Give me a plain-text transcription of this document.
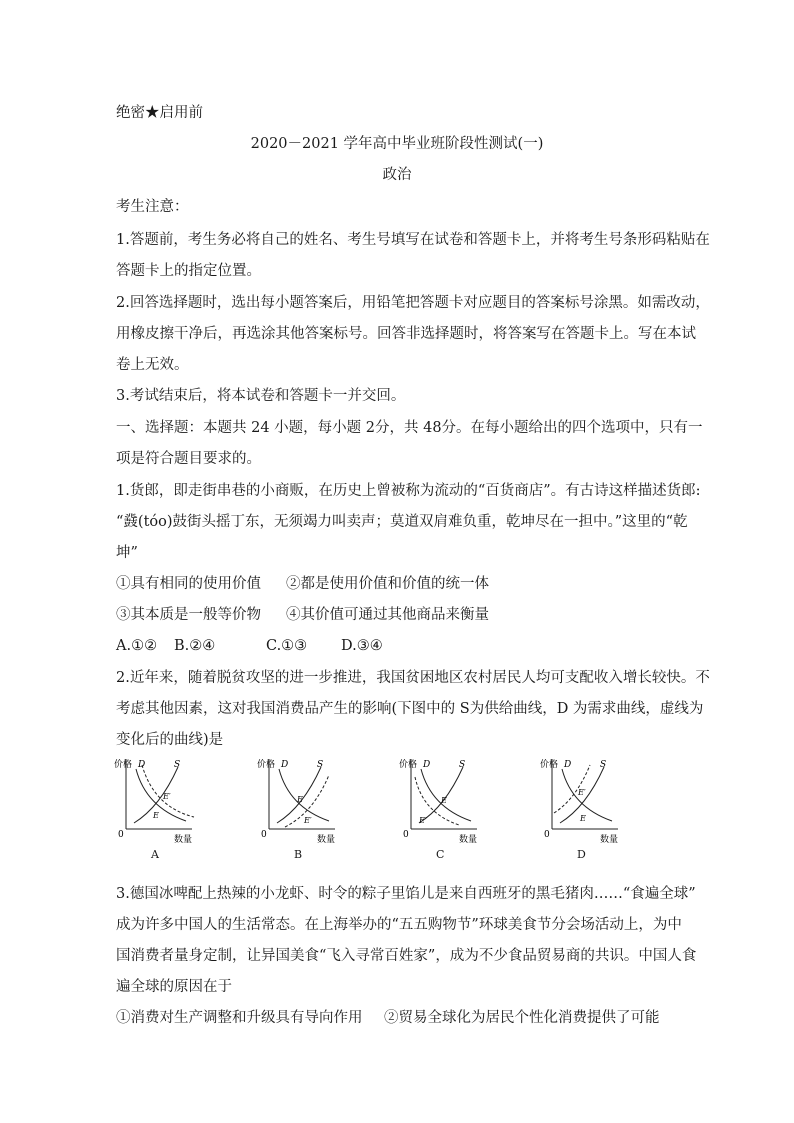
绝密★启用前
2020－2021 学年高中毕业班阶段性测试(一)
政治
考生注意：
1.答题前，考生务必将自己的姓名、考生号填写在试卷和答题卡上，并将考生号条形码粘贴在
答题卡上的指定位置。
2.回答选择题时，选出每小题答案后，用铅笔把答题卡对应题目的答案标号涂黑。如需改动，
用橡皮擦干净后，再选涂其他答案标号。回答非选择题时，将答案写在答题卡上。写在本试
卷上无效。
3.考试结束后，将本试卷和答题卡一并交回。
一、选择题：本题共 24 小题，每小题 2分，共 48分。在每小题给出的四个选项中，只有一
项是符合题目要求的。
1.货郎，即走街串巷的小商贩，在历史上曾被称为流动的“百货商店”。有古诗这样描述货郎:
“鼗(tóo)鼓街头摇丁东，无须竭力叫卖声；莫道双肩难负重，乾坤尽在一担中。”这里的“乾
坤”
①具有相同的使用价值 ②都是使用价值和价值的统一体
③其本质是一般等价物 ④其价值可通过其他商品来衡量
A.①② B.②④	C.①③ D.③④
2.近年来，随着脱贫攻坚的进一步推进，我国贫困地区农村居民人均可支配收入增长较快。不
考虑其他因素，这对我国消费品产生的影响(下图中的 S为供给曲线，D 为需求曲线，虚线为
变化后的曲线)是
价格
数量
0
D	S
E
E′
A
价格
数量
0
D	S
E
E′
B
价格
数量
0
D	S
E
E′
C
价格
数量
0
D	S
E
E′
D
3.德国冰啤配上热辣的小龙虾、时令的粽子里馅儿是来自西班牙的黑毛猪肉……“食遍全球”
成为许多中国人的生活常态。在上海举办的“五五购物节”环球美食节分会场活动上，为中
国消费者量身定制，让异国美食“飞入寻常百姓家”，成为不少食品贸易商的共识。中国人食
遍全球的原因在于
①消费对生产调整和升级具有导向作用 ②贸易全球化为居民个性化消费提供了可能
